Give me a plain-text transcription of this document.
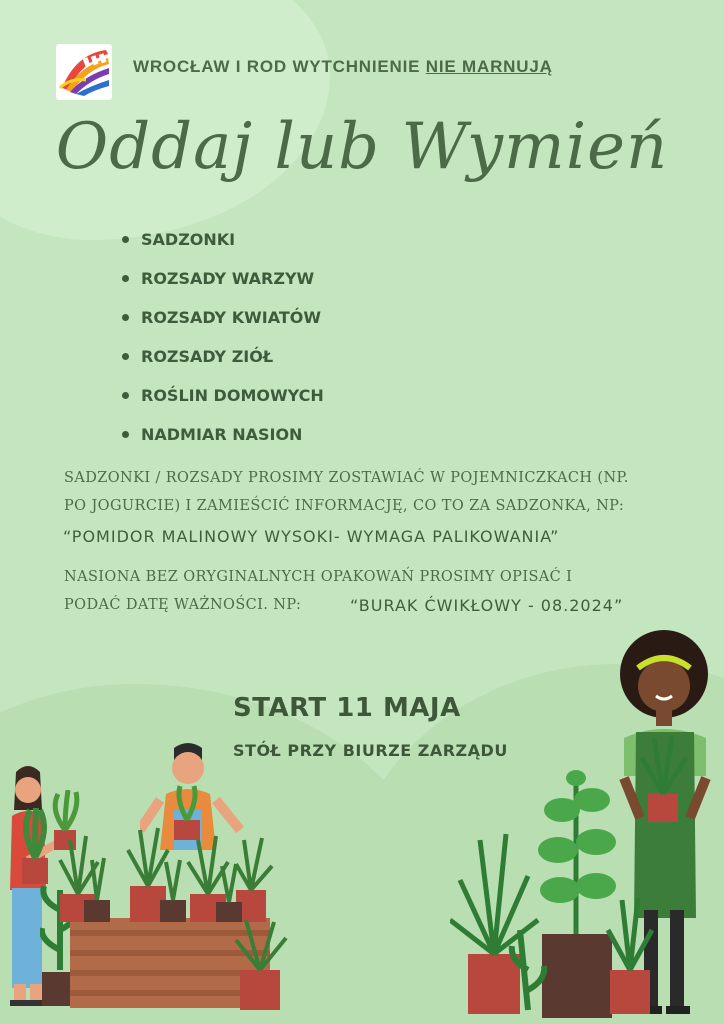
WROCŁAW I ROD WYTCHNIENIE NIE MARNUJĄ
Oddaj lub Wymień
SADZONKI
ROZSADY WARZYW
ROZSADY KWIATÓW
ROZSADY ZIÓŁ
ROŚLIN DOMOWYCH
NADMIAR NASION
SADZONKI / ROZSADY PROSIMY ZOSTAWIAĆ W POJEMNICZKACH (NP.
PO JOGURCIE) I ZAMIEŚCIĆ INFORMACJĘ, CO TO ZA SADZONKA, NP:
“POMIDOR MALINOWY WYSOKI- WYMAGA PALIKOWANIA”
NASIONA BEZ ORYGINALNYCH OPAKOWAŃ PROSIMY OPISAĆ I
PODAĆ DATĘ WAŻNOŚCI. NP:	“BURAK ĆWIKŁOWY - 08.2024”
START 11 MAJA
STÓŁ PRZY BIURZE ZARZĄDU
